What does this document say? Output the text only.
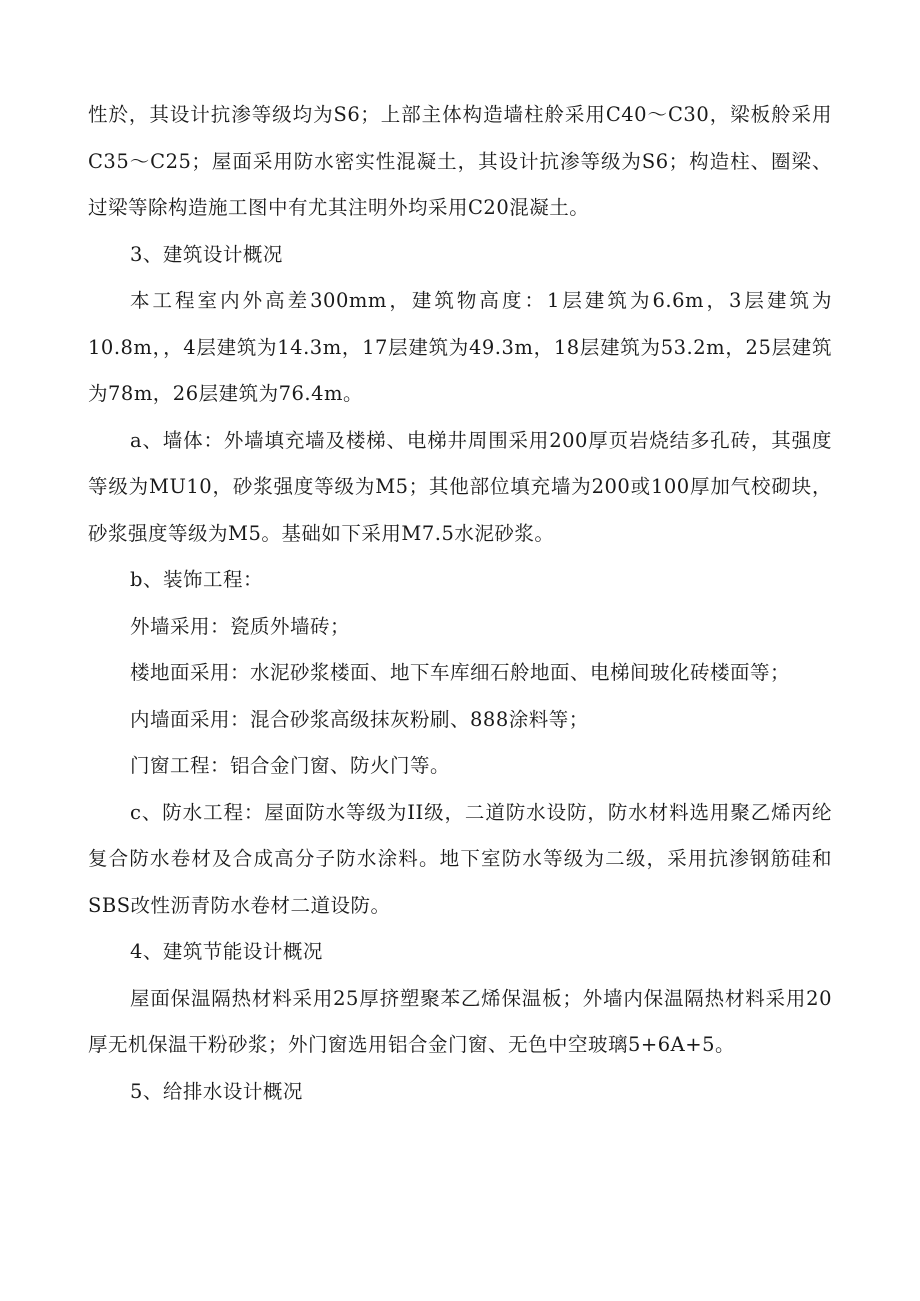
性於，其设计抗渗等级均为S6；上部主体构造墙柱舲采用C40～C30，梁板舲采用C35～C25；屋面采用防水密实性混凝土，其设计抗渗等级为S6；构造柱、圈梁、过梁等除构造施工图中有尤其注明外均采用C20混凝土。

3、建筑设计概况

本工程室内外高差300mm，建筑物高度：1层建筑为6.6m，3层建筑为10.8m，，4层建筑为14.3m，17层建筑为49.3m，18层建筑为53.2m，25层建筑为78m，26层建筑为76.4m。

a、墙体：外墙填充墙及楼梯、电梯井周围采用200厚页岩烧结多孔砖，其强度等级为MU10，砂浆强度等级为M5；其他部位填充墙为200或100厚加气校砌块，砂浆强度等级为M5。基础如下采用M7.5水泥砂浆。

b、装饰工程：

外墙采用：瓷质外墙砖；

楼地面采用：水泥砂浆楼面、地下车库细石舲地面、电梯间玻化砖楼面等；

内墙面采用：混合砂浆高级抹灰粉刷、888涂料等；

门窗工程：铝合金门窗、防火门等。

c、防水工程：屋面防水等级为II级，二道防水设防，防水材料选用聚乙烯丙纶复合防水卷材及合成高分子防水涂料。地下室防水等级为二级，采用抗渗钢筋硅和SBS改性沥青防水卷材二道设防。

4、建筑节能设计概况

屋面保温隔热材料采用25厚挤塑聚苯乙烯保温板；外墙内保温隔热材料采用20厚无机保温干粉砂浆；外门窗选用铝合金门窗、无色中空玻璃5+6A+5。

5、给排水设计概况
